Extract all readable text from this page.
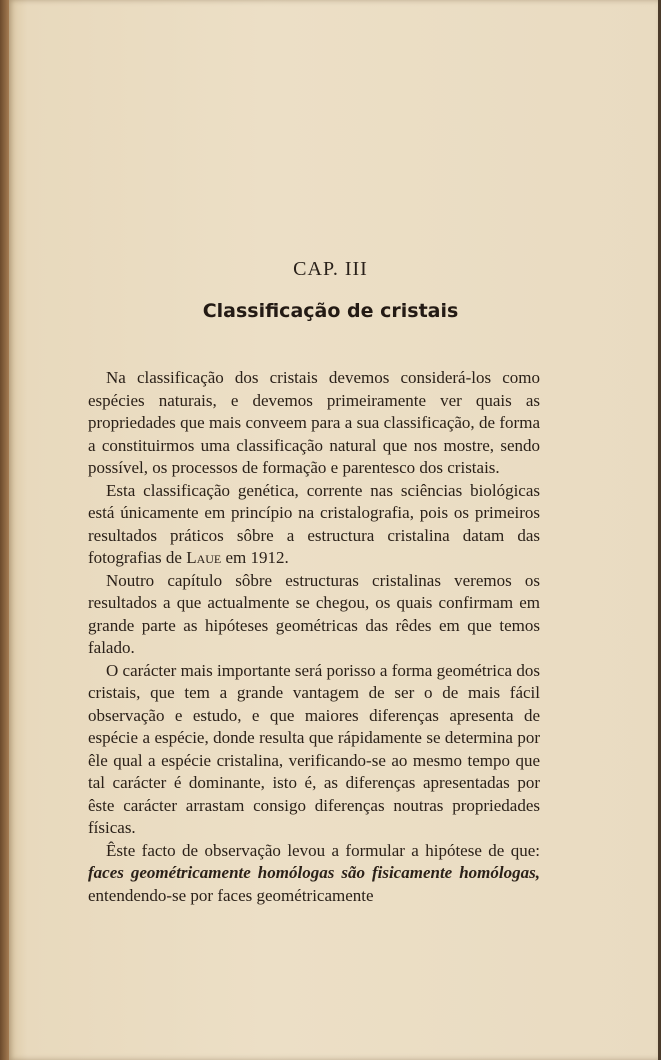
CAP. III
Classificação de cristais

Na classificação dos cristais devemos considerá-los como espécies naturais, e devemos primeiramente ver quais as propriedades que mais conveem para a sua classificação, de forma a constituirmos uma classificação natural que nos mostre, sendo possível, os processos de formação e parentesco dos cristais.

Esta classificação genética, corrente nas sciências biológicas está únicamente em princípio na cristalografia, pois os primeiros resultados práticos sôbre a estructura cristalina datam das fotografias de Laue em 1912.

Noutro capítulo sôbre estructuras cristalinas veremos os resultados a que actualmente se chegou, os quais confirmam em grande parte as hipóteses geométricas das rêdes em que temos falado.

O carácter mais importante será porisso a forma geométrica dos cristais, que tem a grande vantagem de ser o de mais fácil observação e estudo, e que maiores diferenças apresenta de espécie a espécie, donde resulta que rápidamente se determina por êle qual a espécie cristalina, verificando-se ao mesmo tempo que tal carácter é dominante, isto é, as diferenças apresentadas por êste carácter arrastam consigo diferenças noutras propriedades físicas.

Êste facto de observação levou a formular a hipótese de que: faces geométricamente homólogas são fisicamente homólogas, entendendo-se por faces geométricamente
